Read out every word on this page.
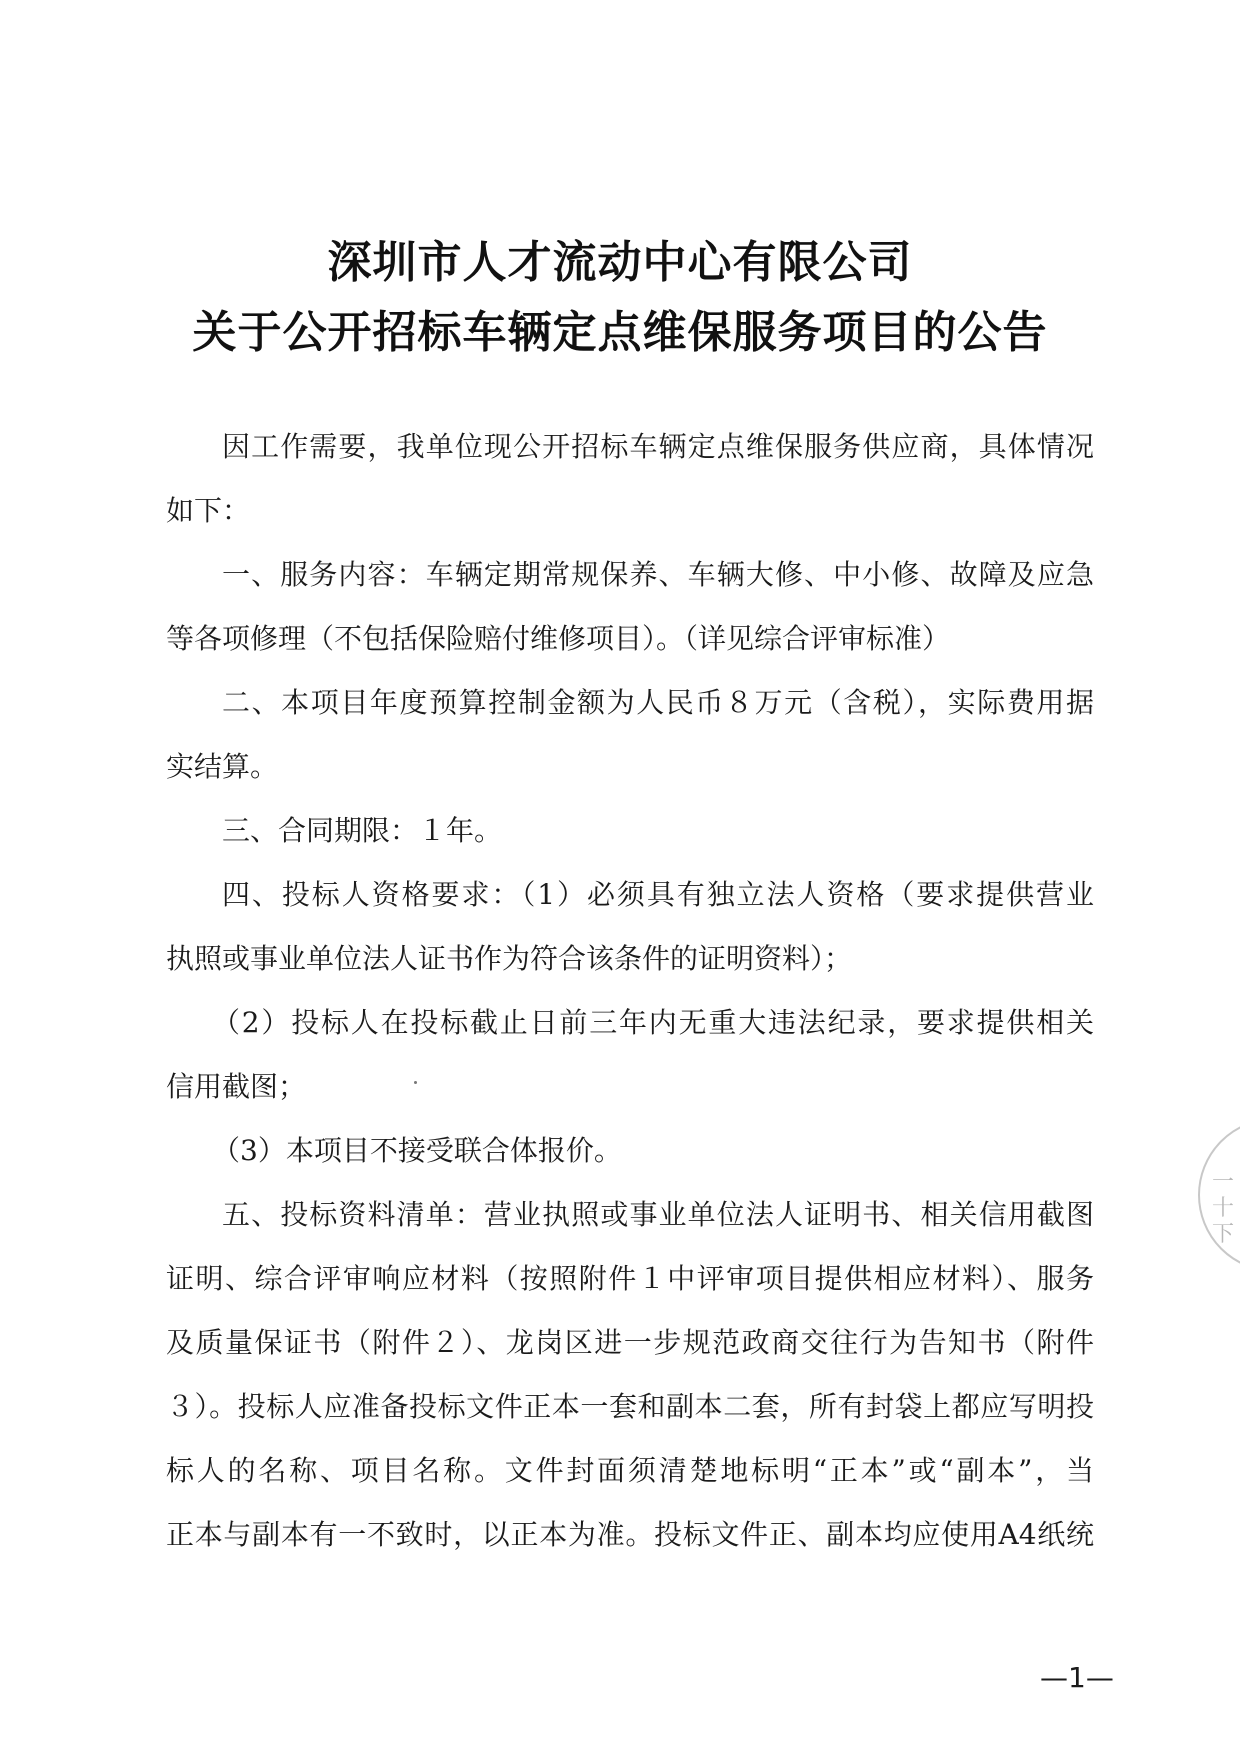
深圳市人才流动中心有限公司
关于公开招标车辆定点维保服务项目的公告
因工作需要，我单位现公开招标车辆定点维保服务供应商，具体情况
如下：
一、服务内容：车辆定期常规保养、车辆大修、中小修、故障及应急
等各项修理（不包括保险赔付维修项目）。（详见综合评审标准）
二、本项目年度预算控制金额为人民币８万元（含税），实际费用据
实结算。
三、合同期限：１年。
四、投标人资格要求：（1）必须具有独立法人资格（要求提供营业
执照或事业单位法人证书作为符合该条件的证明资料）；
（2）投标人在投标截止日前三年内无重大违法纪录，要求提供相关
信用截图；
（3）本项目不接受联合体报价。
五、投标资料清单：营业执照或事业单位法人证明书、相关信用截图
证明、综合评审响应材料（按照附件１中评审项目提供相应材料）、服务
及质量保证书（附件２）、龙岗区进一步规范政商交往行为告知书（附件
３）。投标人应准备投标文件正本一套和副本二套，所有封袋上都应写明投
标人的名称、项目名称。文件封面须清楚地标明“正本”或“副本”，当
正本与副本有一不致时，以正本为准。投标文件正、副本均应使用A4纸统
—1—
一
十
下
